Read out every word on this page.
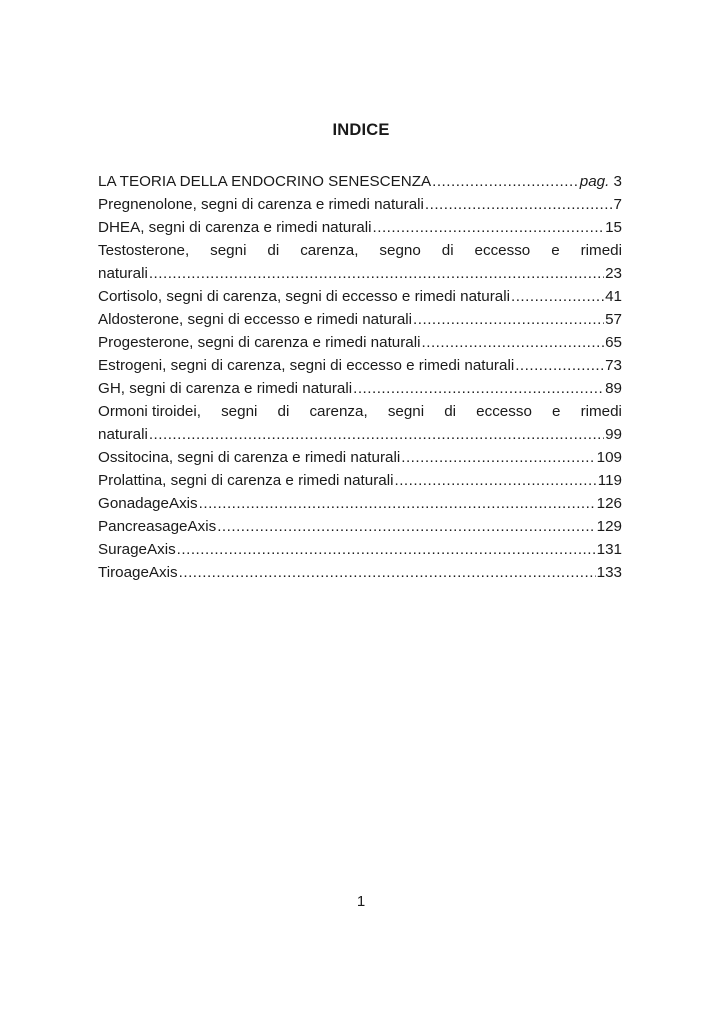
INDICE
LA TEORIA DELLA ENDOCRINO SENESCENZA .....	pag. 3
Pregnenolone, segni di carenza e rimedi naturali .....	7
DHEA, segni di carenza e rimedi naturali .....	15
Testosterone, segni di carenza, segno di eccesso e rimedi
naturali .....	23
Cortisolo, segni di carenza, segni di eccesso e rimedi naturali .....	41
Aldosterone, segni di eccesso e rimedi naturali .....	57
Progesterone, segni di carenza e rimedi naturali .....	65
Estrogeni, segni di carenza, segni di eccesso e rimedi naturali .....	73
GH, segni di carenza e rimedi naturali .....	89
Ormoni tiroidei, segni di carenza, segni di eccesso e rimedi
naturali .....	99
Ossitocina, segni di carenza e rimedi naturali .....	109
Prolattina, segni di carenza e rimedi naturali .....	119
GonadageAxis .....	126
PancreasageAxis .....	129
SurageAxis .....	131
TiroageAxis .....	133
1
